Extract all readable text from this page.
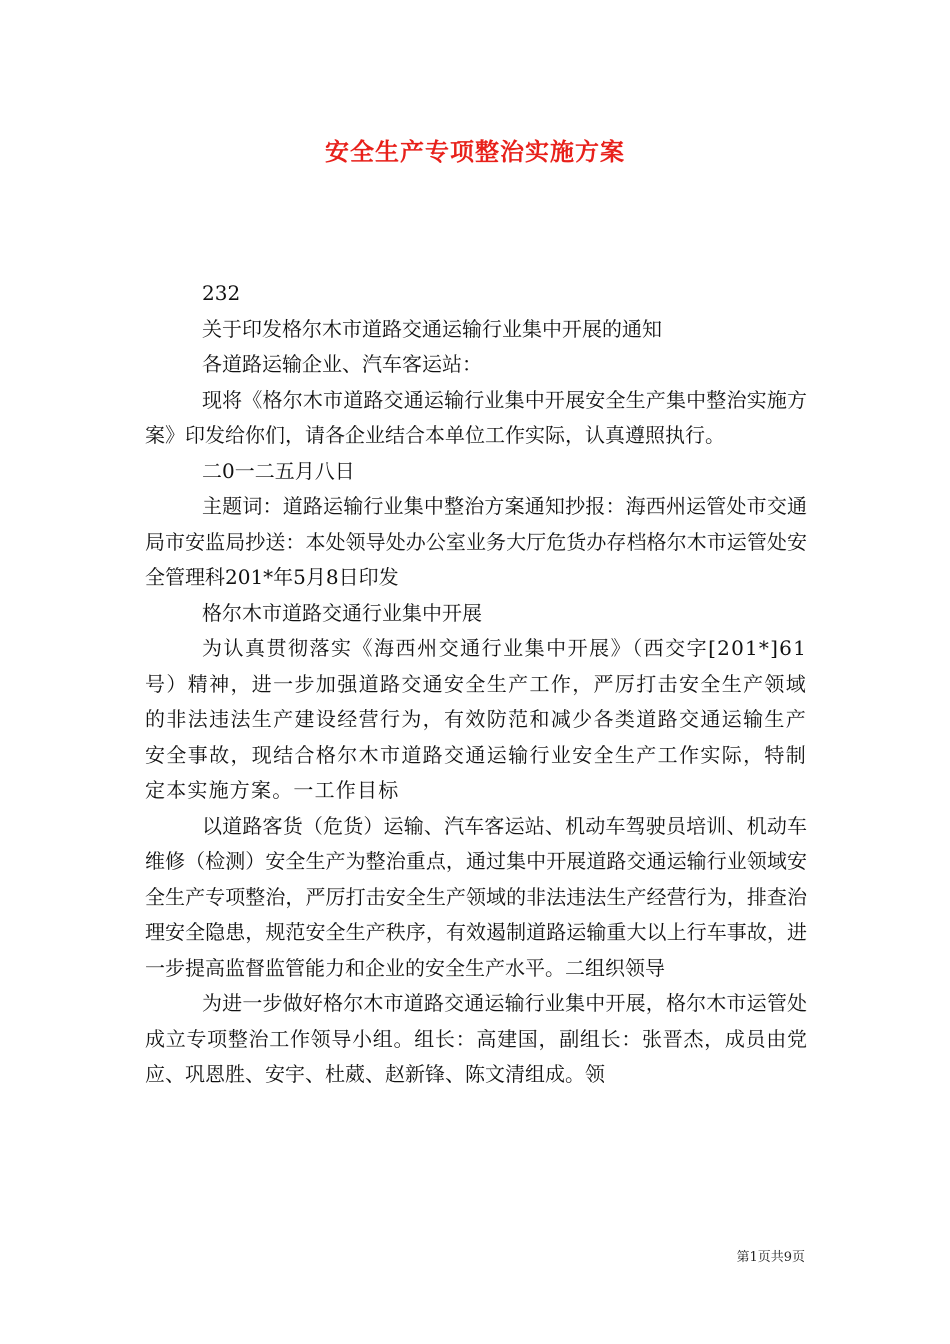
安全生产专项整治实施方案

232

关于印发格尔木市道路交通运输行业集中开展的通知

各道路运输企业、汽车客运站：

现将《格尔木市道路交通运输行业集中开展安全生产集中整治实施方案》印发给你们，请各企业结合本单位工作实际，认真遵照执行。

二0一二五月八日

主题词：道路运输行业集中整治方案通知抄报：海西州运管处市交通局市安监局抄送：本处领导处办公室业务大厅危货办存档格尔木市运管处安全管理科201*年5月8日印发

格尔木市道路交通行业集中开展

为认真贯彻落实《海西州交通行业集中开展》（西交字[201*]61号）精神，进一步加强道路交通安全生产工作，严厉打击安全生产领域的非法违法生产建设经营行为，有效防范和减少各类道路交通运输生产安全事故，现结合格尔木市道路交通运输行业安全生产工作实际，特制定本实施方案。一工作目标

以道路客货（危货）运输、汽车客运站、机动车驾驶员培训、机动车维修（检测）安全生产为整治重点，通过集中开展道路交通运输行业领域安全生产专项整治，严厉打击安全生产领域的非法违法生产经营行为，排查治理安全隐患，规范安全生产秩序，有效遏制道路运输重大以上行车事故，进一步提高监督监管能力和企业的安全生产水平。二组织领导

为进一步做好格尔木市道路交通运输行业集中开展，格尔木市运管处成立专项整治工作领导小组。组长：高建国，副组长：张晋杰，成员由党应、巩恩胜、安宇、杜葳、赵新锋、陈文清组成。领

第1页共9页
